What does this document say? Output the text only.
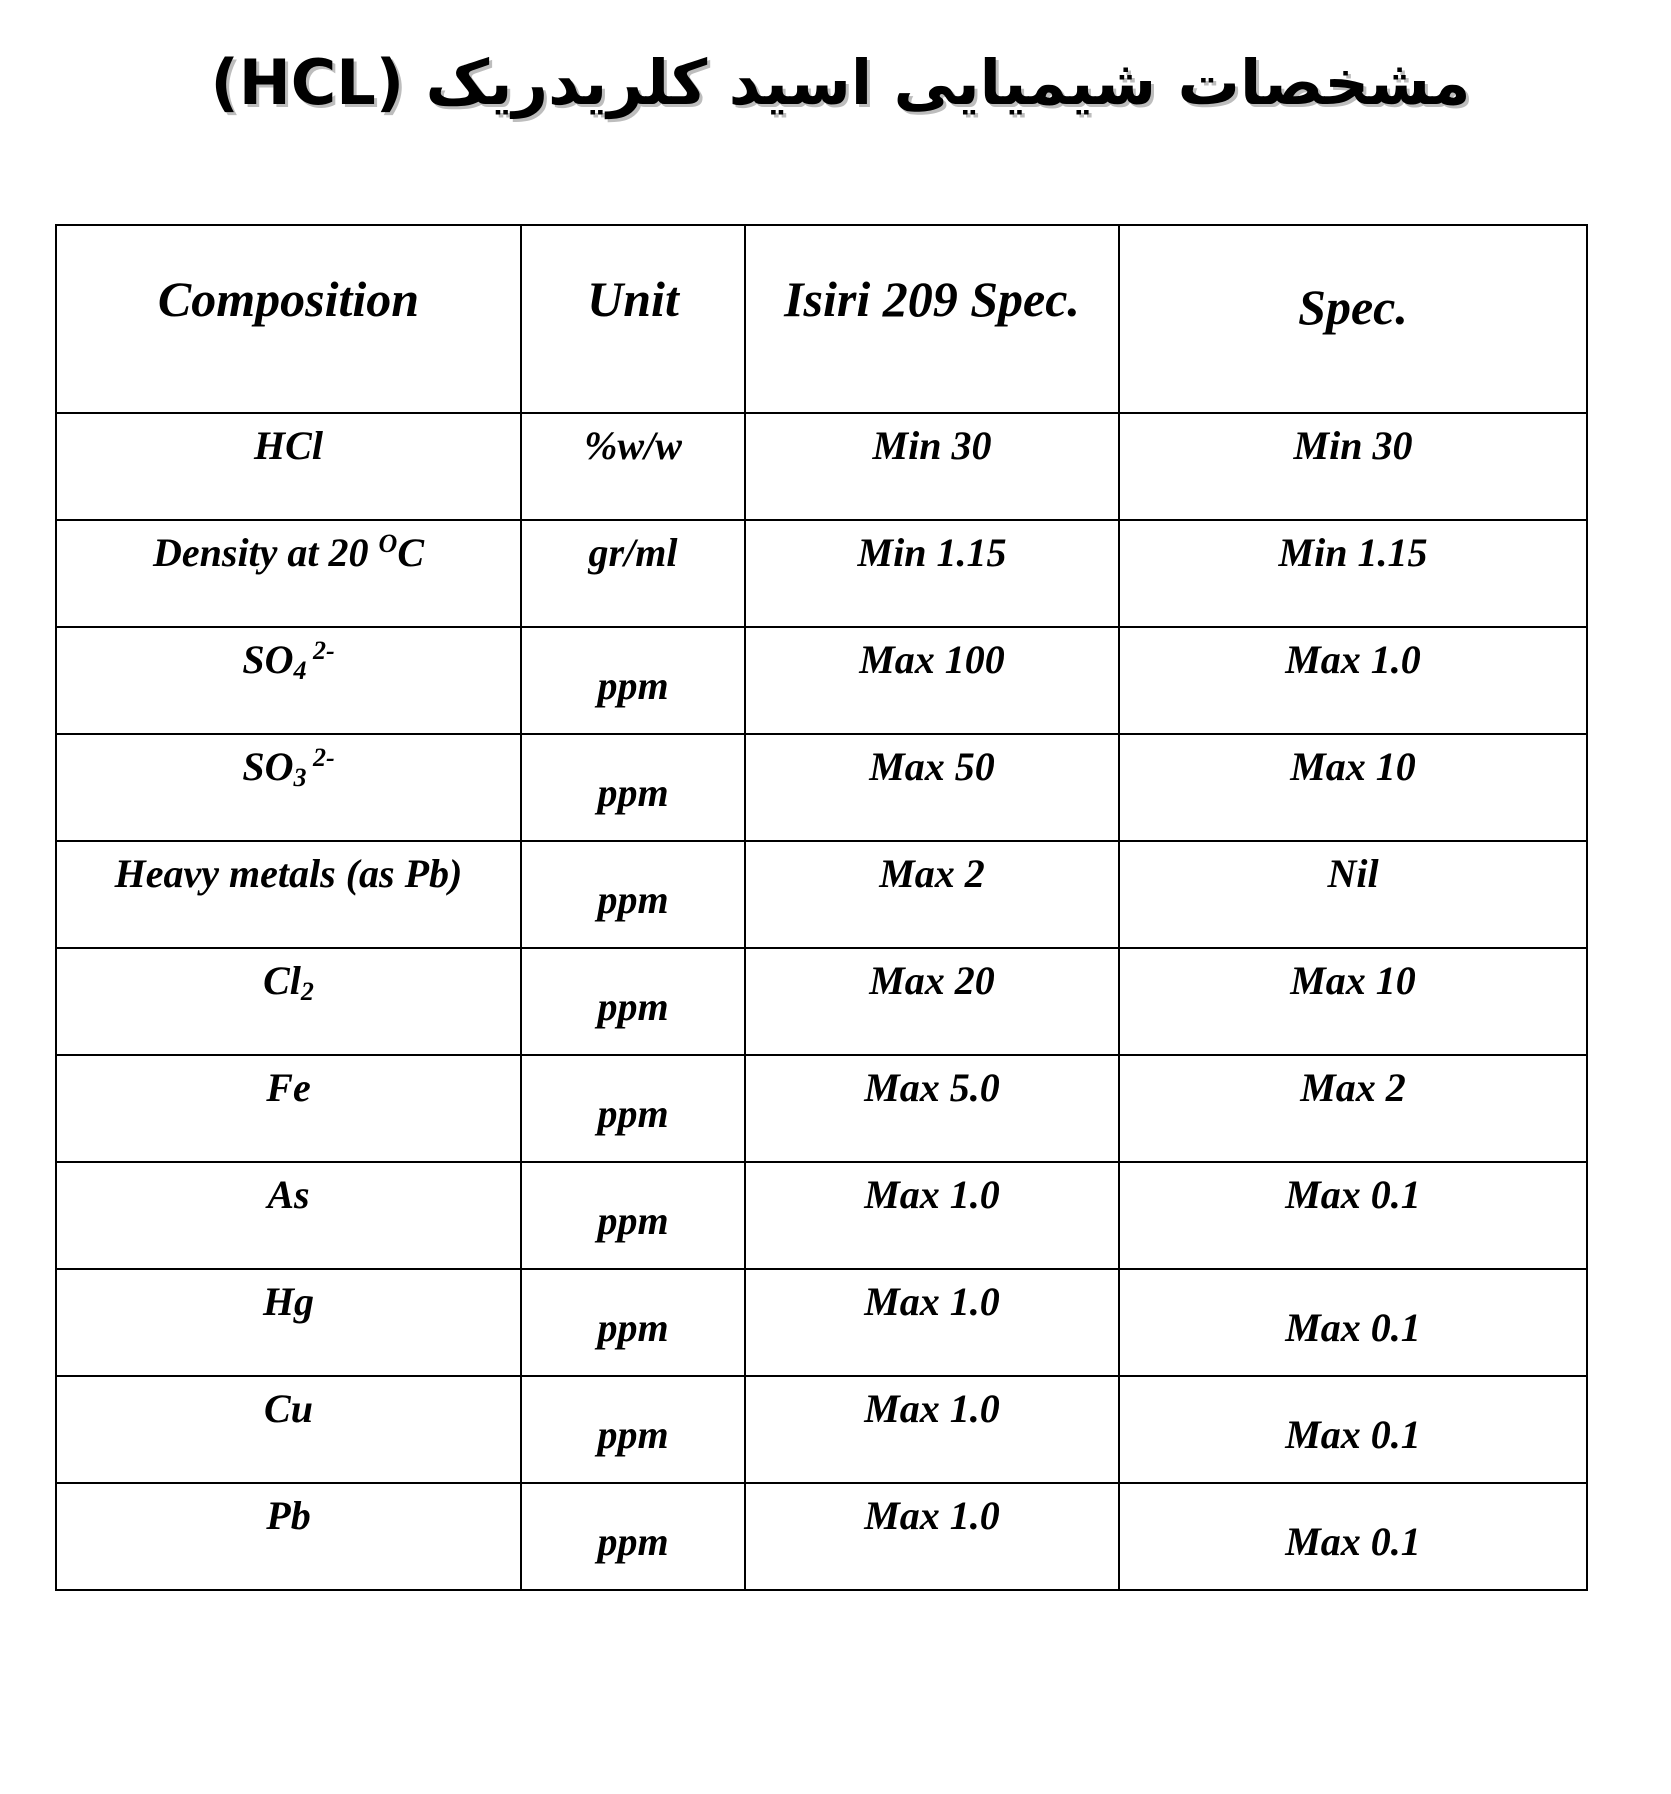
مشخصات شیمیایی اسید کلریدریک (HCL)
Composition	Unit	Isiri 209 Spec.	Spec.
HCl	%w/w	Min 30	Min 30
Density at 20 $^O$C	gr/ml	Min 1.15	Min 1.15
$SO_4$ $^{2-}$	ppm	Max 100	Max 1.0
$SO_3$ $^{2-}$	ppm	Max 50	Max 10
Heavy metals (as Pb)	ppm	Max 2	Nil
$Cl_2$	ppm	Max 20	Max 10
Fe	ppm	Max 5.0	Max 2
As	ppm	Max 1.0	Max 0.1
Hg	ppm	Max 1.0	Max 0.1
Cu	ppm	Max 1.0	Max 0.1
Pb	ppm	Max 1.0	Max 0.1
